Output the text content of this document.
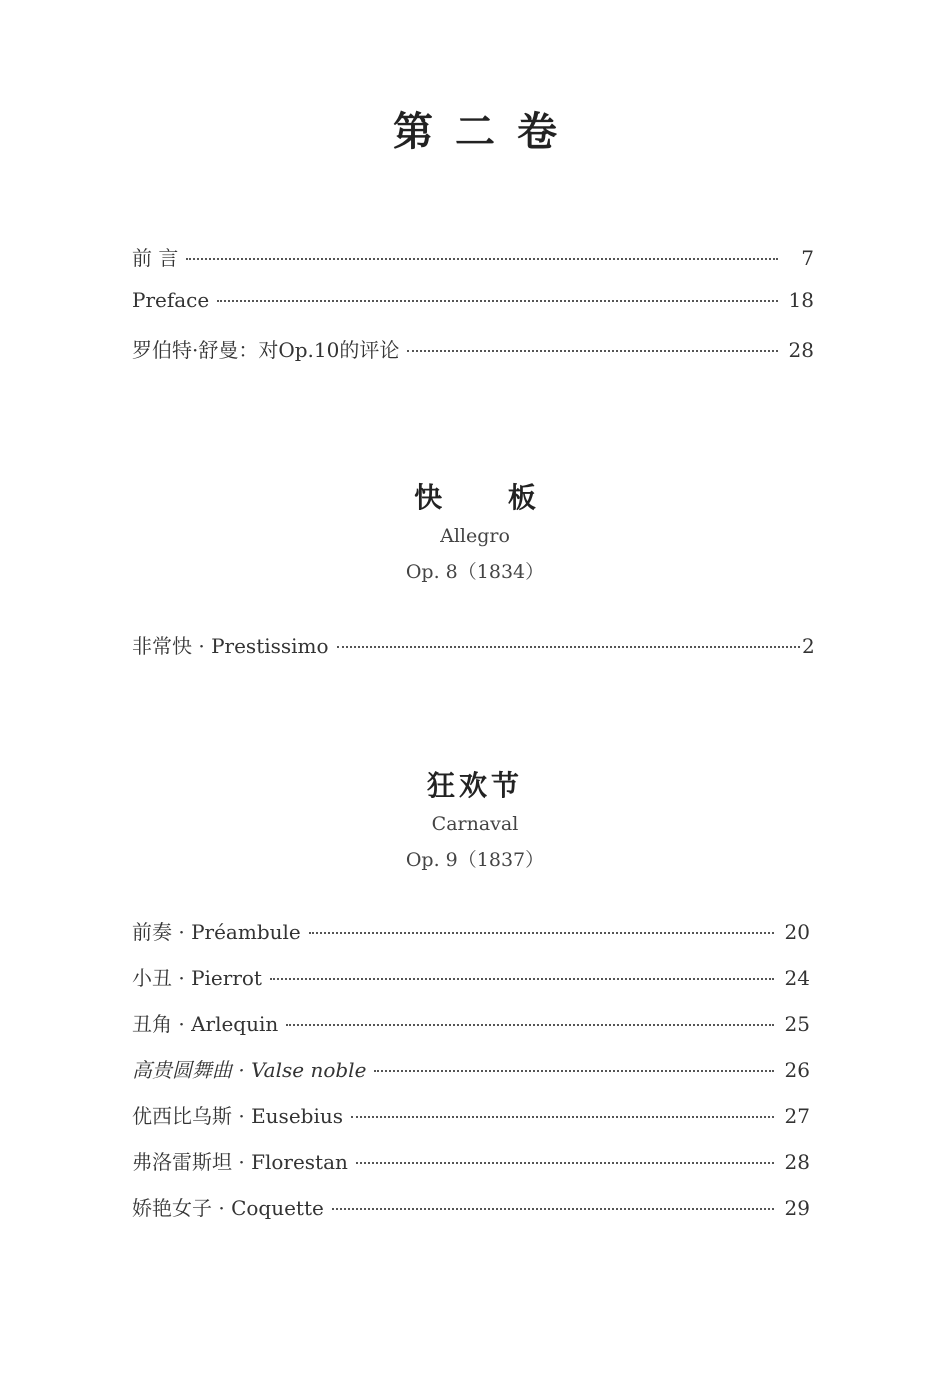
第二卷
前 言	7
Preface	18
罗伯特·舒曼：对Op.10的评论	28
快 板
Allegro
Op. 8（1834）
非常快 · Prestissimo	2
狂欢节
Carnaval
Op. 9（1837）
前奏 · Préambule	20
小丑 · Pierrot	24
丑角 · Arlequin	25
高贵圆舞曲 · Valse noble	26
优西比乌斯 · Eusebius	27
弗洛雷斯坦 · Florestan	28
娇艳女子 · Coquette	29
